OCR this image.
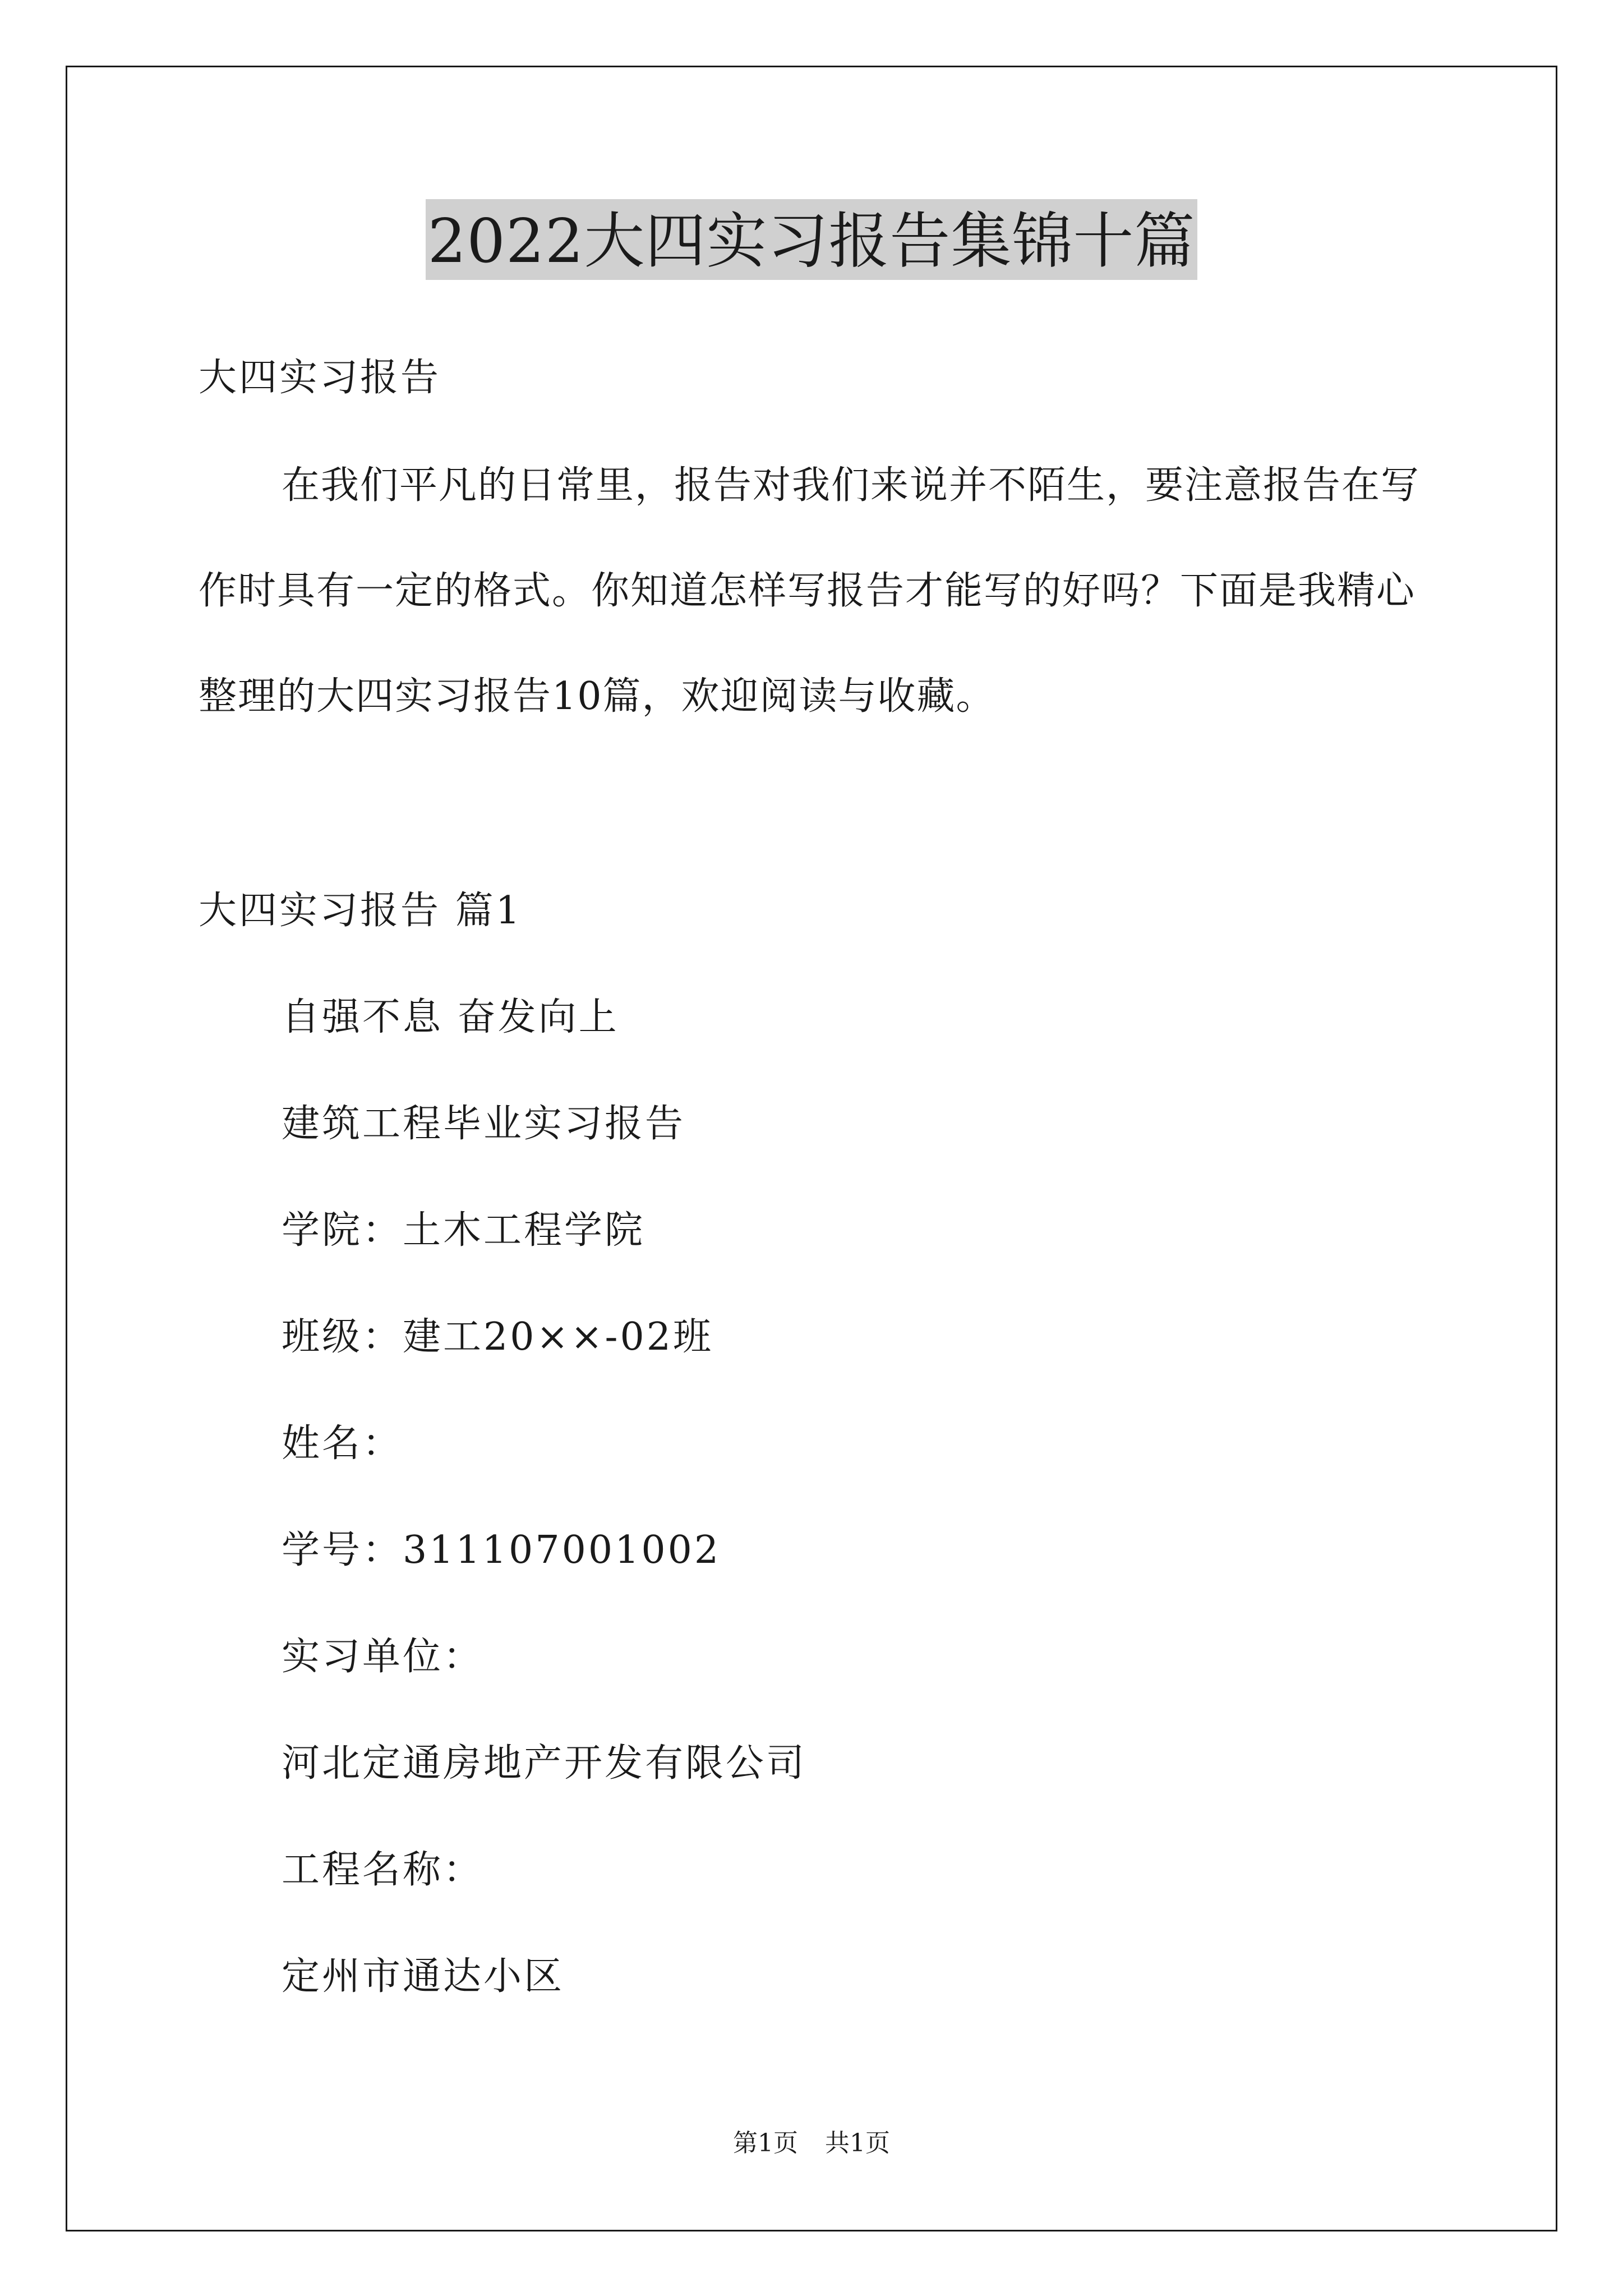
2022大四实习报告集锦十篇
大四实习报告
在我们平凡的日常里，报告对我们来说并不陌生，要注意报告在写作时具有一定的格式。你知道怎样写报告才能写的好吗？下面是我精心整理的大四实习报告10篇，欢迎阅读与收藏。
大四实习报告 篇1
自强不息 奋发向上
建筑工程毕业实习报告
学院：土木工程学院
班级：建工20××-02班
姓名：
学号：311107001002
实习单位：
河北定通房地产开发有限公司
工程名称：
定州市通达小区
第1页 共1页
